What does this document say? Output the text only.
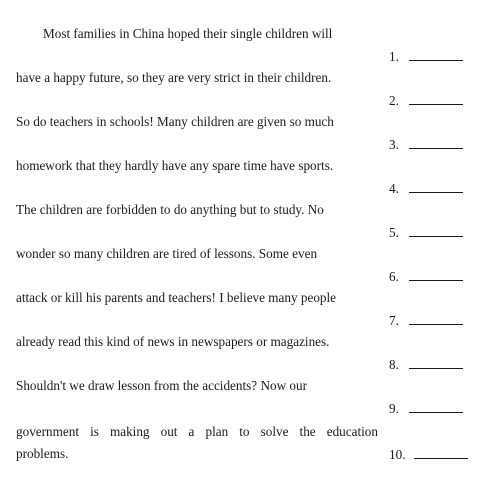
Most families in China hoped their single children will
have a happy future, so they are very strict in their children.
So do teachers in schools! Many children are given so much
homework that they hardly have any spare time have sports.
The children are forbidden to do anything but to study. No
wonder so many children are tired of lessons. Some even
attack or kill his parents and teachers! I believe many people
already read this kind of news in newspapers or magazines.
Shouldn't we draw lesson from the accidents? Now our
government is making out a plan to solve the education
problems.
1.
2.
3.
4.
5.
6.
7.
8.
9.
10.
